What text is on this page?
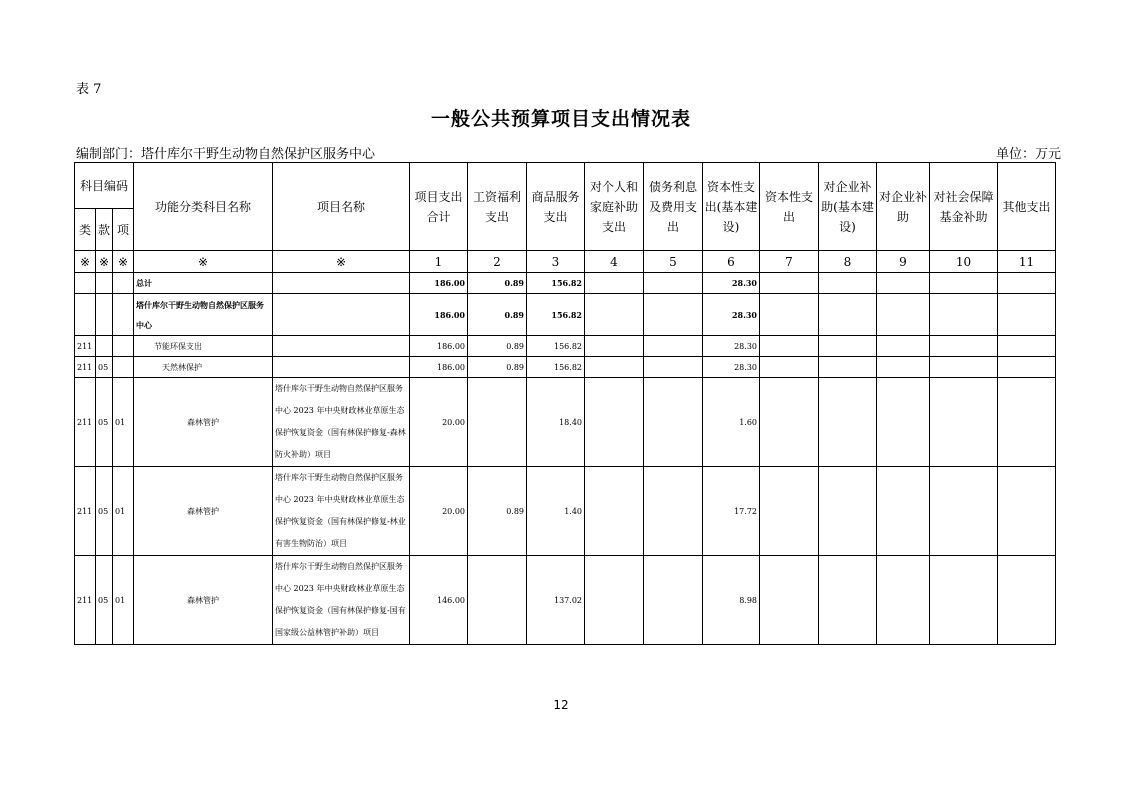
表 7
一般公共预算项目支出情况表
编制部门：塔什库尔干野生动物自然保护区服务中心	单位：万元
科目编码			功能分类科目名称	项目名称	项目支出合计	工资福利支出	商品服务支出	对个人和家庭补助支出	债务利息及费用支出	资本性支出(基本建设)	资本性支出	对企业补助(基本建设)	对企业补助	对社会保障基金补助	其他支出
类	款	项													
※	※	※	※	※	1	2	3	4	5	6	7	8	9	10	11
			总计		186.00	0.89	156.82			28.30					
			塔什库尔干野生动物自然保护区服务中心		186.00	0.89	156.82			28.30					
211			节能环保支出		186.00	0.89	156.82			28.30					
211	05		天然林保护		186.00	0.89	156.82			28.30					
211	05	01	森林管护	塔什库尔干野生动物自然保护区服务中心 2023 年中央财政林业草原生态保护恢复资金（国有林保护修复-森林防火补助）项目	20.00		18.40			1.60					
211	05	01	森林管护	塔什库尔干野生动物自然保护区服务中心 2023 年中央财政林业草原生态保护恢复资金（国有林保护修复-林业有害生物防治）项目	20.00	0.89	1.40			17.72					
211	05	01	森林管护	塔什库尔干野生动物自然保护区服务中心 2023 年中央财政林业草原生态保护恢复资金（国有林保护修复-国有国家级公益林管护补助）项目	146.00		137.02			8.98					
12
